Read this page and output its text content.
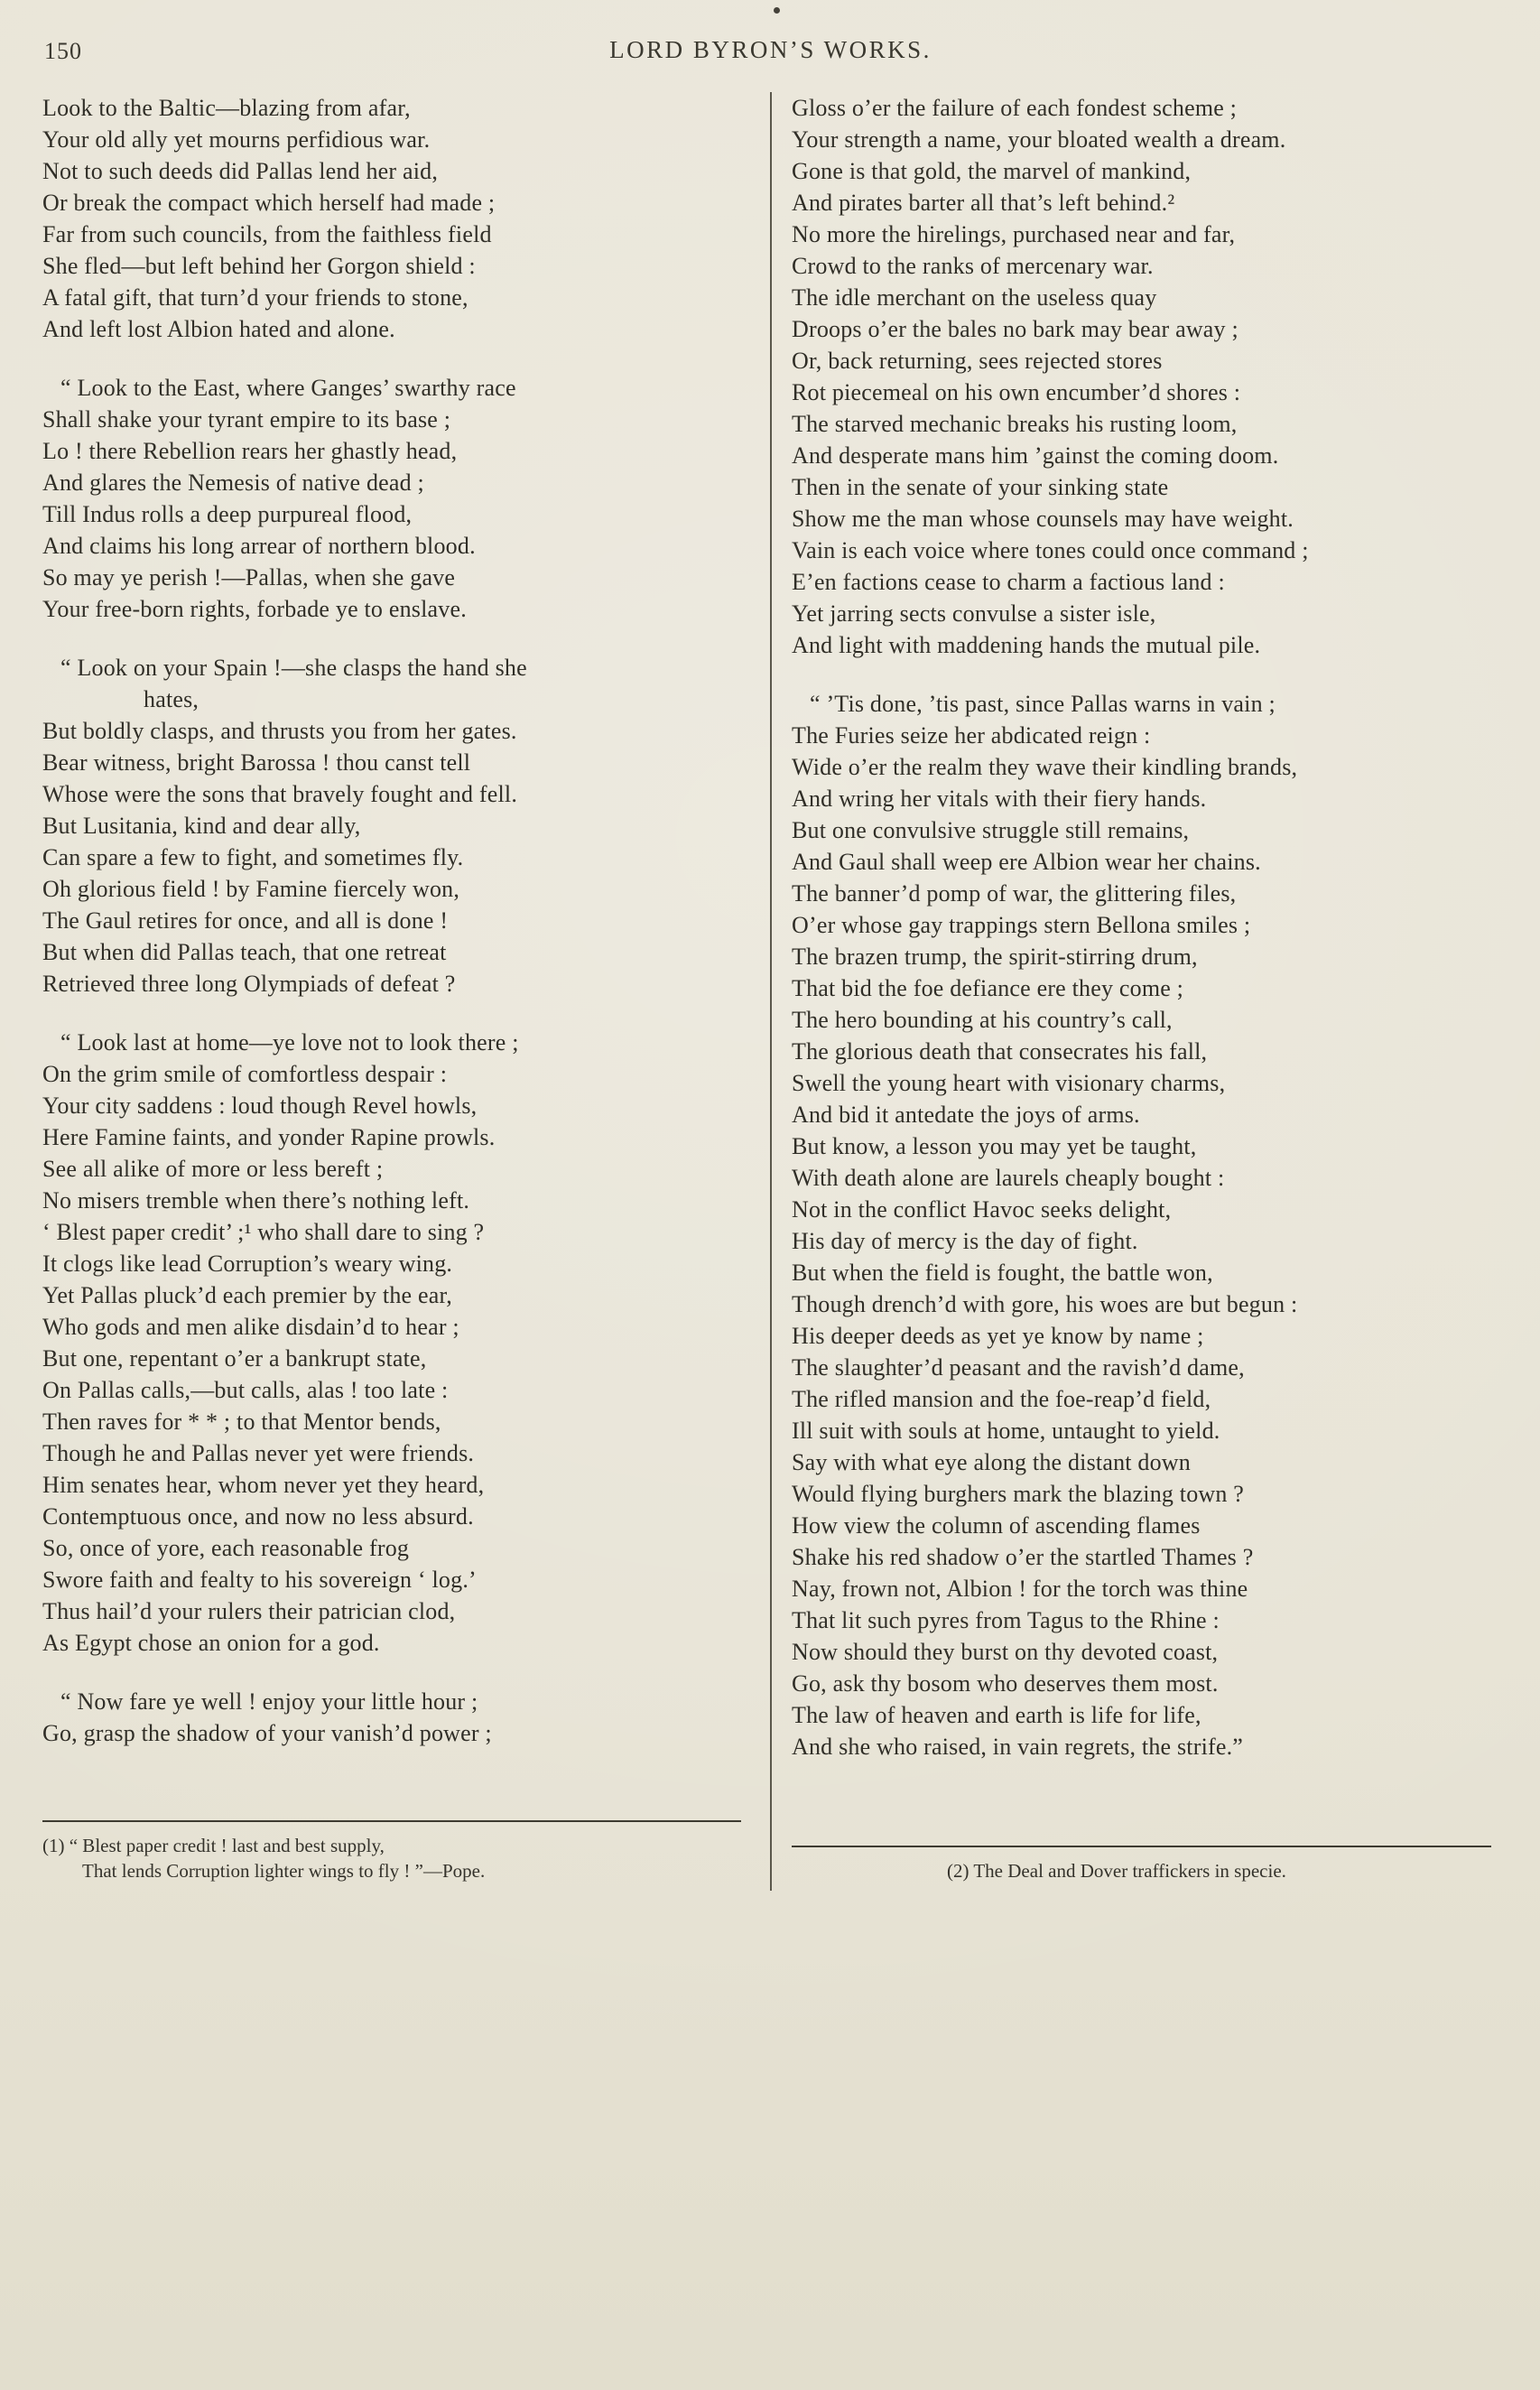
150	LORD BYRON’S WORKS.
Look to the Baltic—blazing from afar,
Your old ally yet mourns perfidious war.
Not to such deeds did Pallas lend her aid,
Or break the compact which herself had made ;
Far from such councils, from the faithless field
She fled—but left behind her Gorgon shield :
A fatal gift, that turn’d your friends to stone,
And left lost Albion hated and alone.
“ Look to the East, where Ganges’ swarthy race
Shall shake your tyrant empire to its base ;
Lo ! there Rebellion rears her ghastly head,
And glares the Nemesis of native dead ;
Till Indus rolls a deep purpureal flood,
And claims his long arrear of northern blood.
So may ye perish !—Pallas, when she gave
Your free-born rights, forbade ye to enslave.
“ Look on your Spain !—she clasps the hand she
hates,
But boldly clasps, and thrusts you from her gates.
Bear witness, bright Barossa ! thou canst tell
Whose were the sons that bravely fought and fell.
But Lusitania, kind and dear ally,
Can spare a few to fight, and sometimes fly.
Oh glorious field ! by Famine fiercely won,
The Gaul retires for once, and all is done !
But when did Pallas teach, that one retreat
Retrieved three long Olympiads of defeat ?
“ Look last at home—ye love not to look there ;
On the grim smile of comfortless despair :
Your city saddens : loud though Revel howls,
Here Famine faints, and yonder Rapine prowls.
See all alike of more or less bereft ;
No misers tremble when there’s nothing left.
‘ Blest paper credit’ ;¹ who shall dare to sing ?
It clogs like lead Corruption’s weary wing.
Yet Pallas pluck’d each premier by the ear,
Who gods and men alike disdain’d to hear ;
But one, repentant o’er a bankrupt state,
On Pallas calls,—but calls, alas ! too late :
Then raves for * * ; to that Mentor bends,
Though he and Pallas never yet were friends.
Him senates hear, whom never yet they heard,
Contemptuous once, and now no less absurd.
So, once of yore, each reasonable frog
Swore faith and fealty to his sovereign ‘ log.’
Thus hail’d your rulers their patrician clod,
As Egypt chose an onion for a god.
“ Now fare ye well ! enjoy your little hour ;
Go, grasp the shadow of your vanish’d power ;
(1) “ Blest paper credit ! last and best supply,
That lends Corruption lighter wings to fly ! ”—Pope.
Gloss o’er the failure of each fondest scheme ;
Your strength a name, your bloated wealth a dream.
Gone is that gold, the marvel of mankind,
And pirates barter all that’s left behind.²
No more the hirelings, purchased near and far,
Crowd to the ranks of mercenary war.
The idle merchant on the useless quay
Droops o’er the bales no bark may bear away ;
Or, back returning, sees rejected stores
Rot piecemeal on his own encumber’d shores :
The starved mechanic breaks his rusting loom,
And desperate mans him ’gainst the coming doom.
Then in the senate of your sinking state
Show me the man whose counsels may have weight.
Vain is each voice where tones could once command ;
E’en factions cease to charm a factious land :
Yet jarring sects convulse a sister isle,
And light with maddening hands the mutual pile.
“ ’Tis done, ’tis past, since Pallas warns in vain ;
The Furies seize her abdicated reign :
Wide o’er the realm they wave their kindling brands,
And wring her vitals with their fiery hands.
But one convulsive struggle still remains,
And Gaul shall weep ere Albion wear her chains.
The banner’d pomp of war, the glittering files,
O’er whose gay trappings stern Bellona smiles ;
The brazen trump, the spirit-stirring drum,
That bid the foe defiance ere they come ;
The hero bounding at his country’s call,
The glorious death that consecrates his fall,
Swell the young heart with visionary charms,
And bid it antedate the joys of arms.
But know, a lesson you may yet be taught,
With death alone are laurels cheaply bought :
Not in the conflict Havoc seeks delight,
His day of mercy is the day of fight.
But when the field is fought, the battle won,
Though drench’d with gore, his woes are but begun :
His deeper deeds as yet ye know by name ;
The slaughter’d peasant and the ravish’d dame,
The rifled mansion and the foe-reap’d field,
Ill suit with souls at home, untaught to yield.
Say with what eye along the distant down
Would flying burghers mark the blazing town ?
How view the column of ascending flames
Shake his red shadow o’er the startled Thames ?
Nay, frown not, Albion ! for the torch was thine
That lit such pyres from Tagus to the Rhine :
Now should they burst on thy devoted coast,
Go, ask thy bosom who deserves them most.
The law of heaven and earth is life for life,
And she who raised, in vain regrets, the strife.”
(2) The Deal and Dover traffickers in specie.
